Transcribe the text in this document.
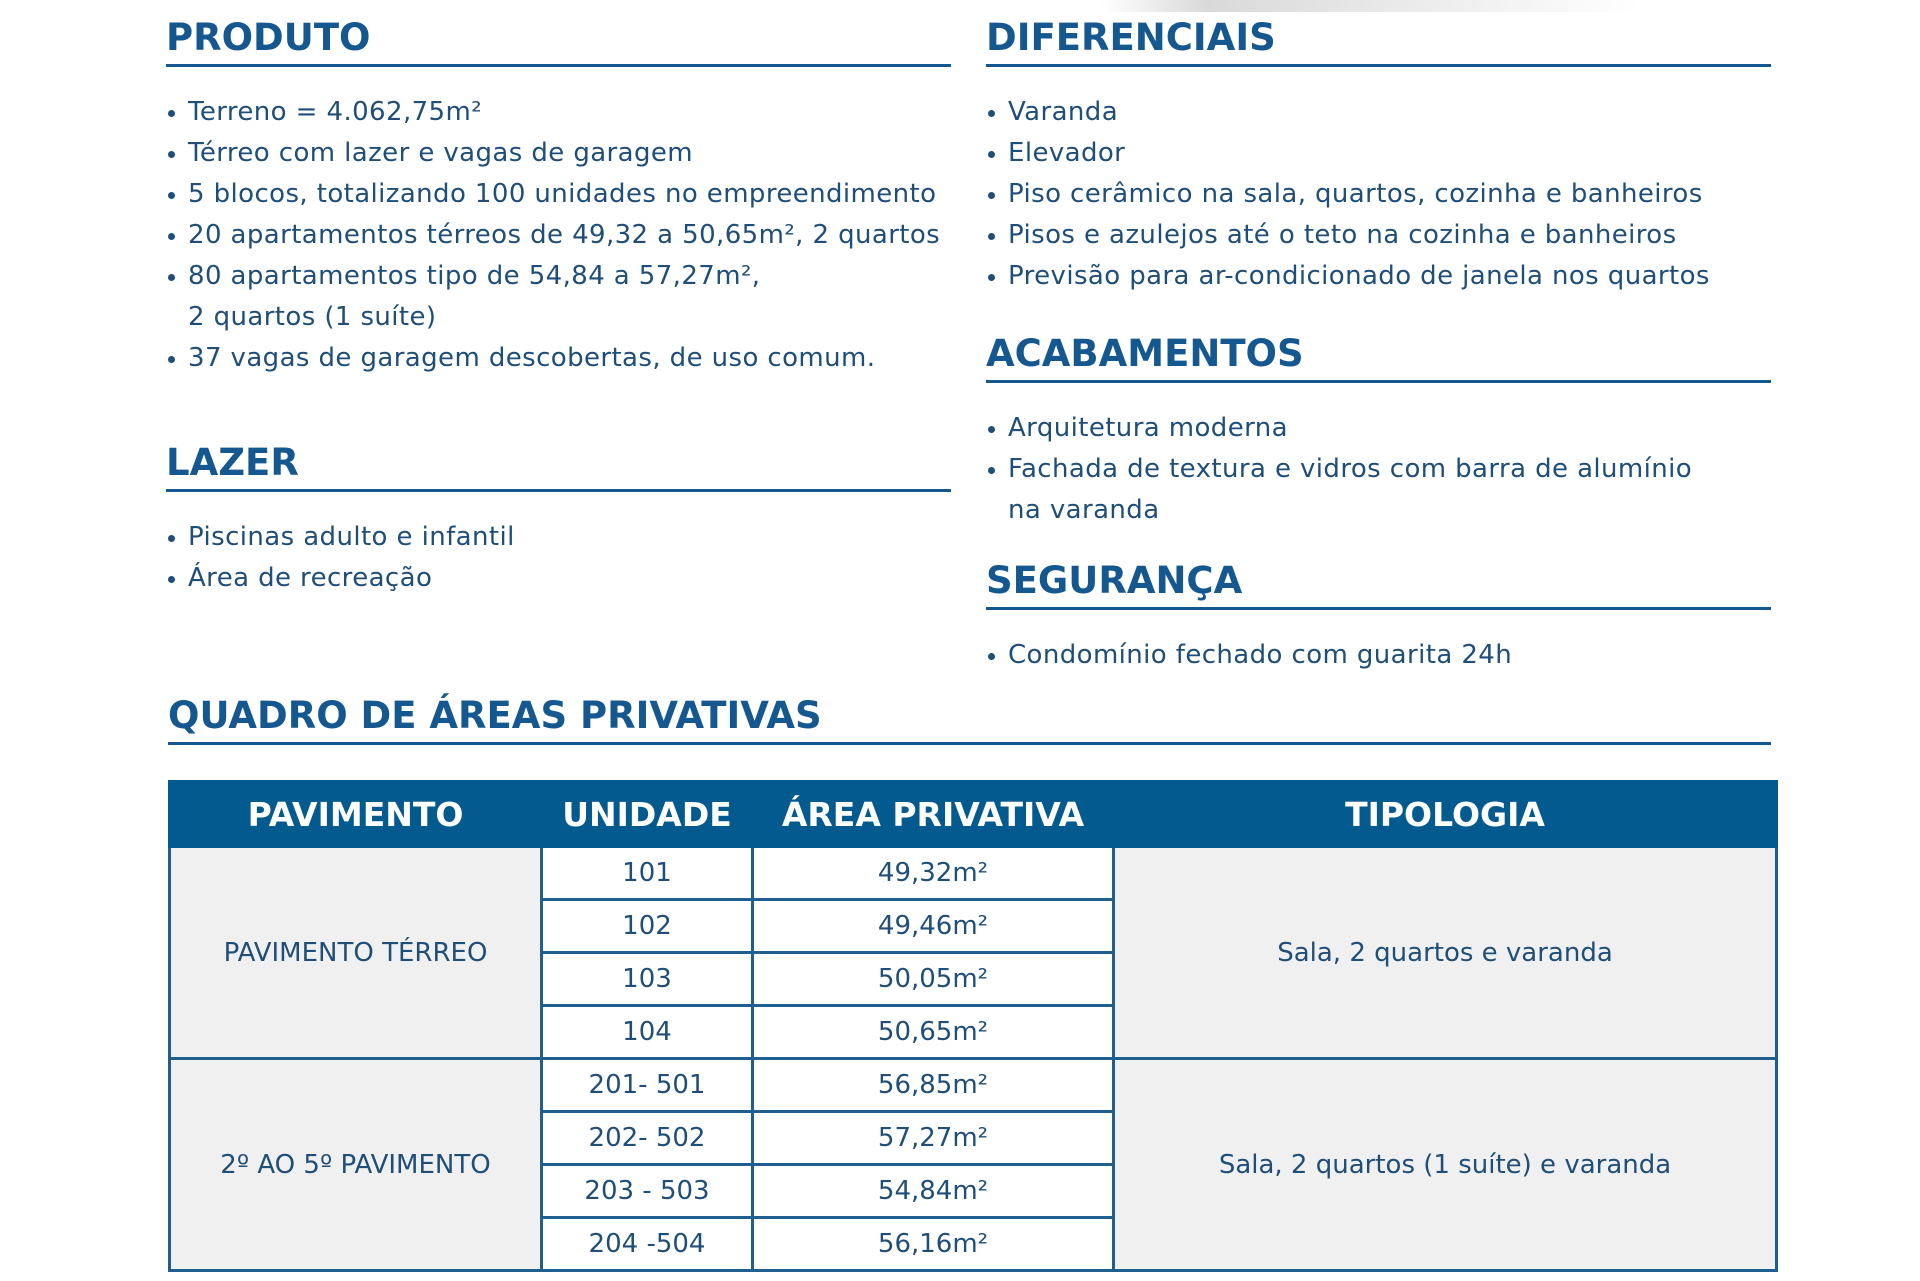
PRODUTO
Terreno = 4.062,75m²
Térreo com lazer e vagas de garagem
5 blocos, totalizando 100 unidades no empreendimento
20 apartamentos térreos de 49,32 a 50,65m², 2 quartos
80 apartamentos tipo de 54,84 a 57,27m²,
2 quartos (1 suíte)
37 vagas de garagem descobertas, de uso comum.
LAZER
Piscinas adulto e infantil
Área de recreação
DIFERENCIAIS
Varanda
Elevador
Piso cerâmico na sala, quartos, cozinha e banheiros
Pisos e azulejos até o teto na cozinha e banheiros
Previsão para ar-condicionado de janela nos quartos
ACABAMENTOS
Arquitetura moderna
Fachada de textura e vidros com barra de alumínio
na varanda
SEGURANÇA
Condomínio fechado com guarita 24h
QUADRO DE ÁREAS PRIVATIVAS
PAVIMENTO	UNIDADE	ÁREA PRIVATIVA	TIPOLOGIA
PAVIMENTO TÉRREO	101	49,32m²	Sala, 2 quartos e varanda
	102	49,46m²	
	103	50,05m²	
	104	50,65m²	
2º AO 5º PAVIMENTO	201- 501	56,85m²	Sala, 2 quartos (1 suíte) e varanda
	202- 502	57,27m²	
	203 - 503	54,84m²	
	204 -504	56,16m²	
